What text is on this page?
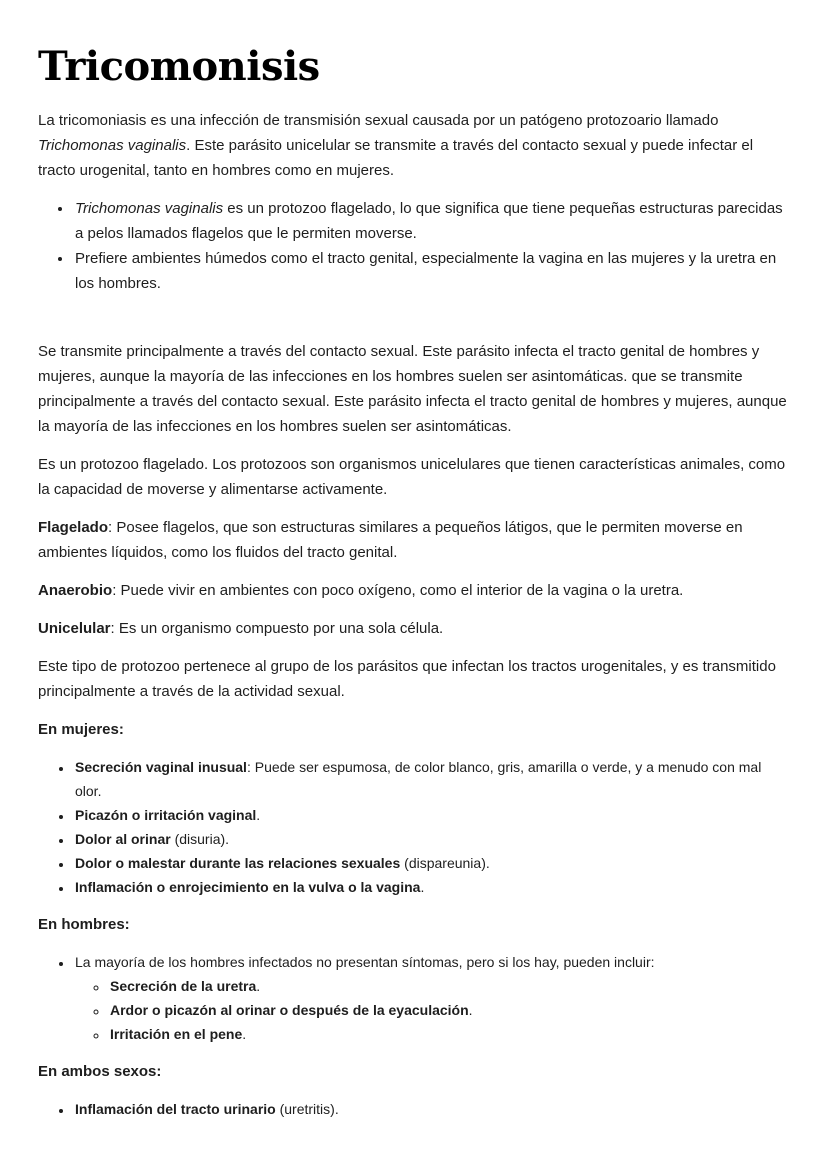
Tricomonisis

La tricomoniasis es una infección de transmisión sexual causada por un patógeno protozoario llamado Trichomonas vaginalis. Este parásito unicelular se transmite a través del contacto sexual y puede infectar el tracto urogenital, tanto en hombres como en mujeres.

• Trichomonas vaginalis es un protozoo flagelado, lo que significa que tiene pequeñas estructuras parecidas a pelos llamados flagelos que le permiten moverse.
• Prefiere ambientes húmedos como el tracto genital, especialmente la vagina en las mujeres y la uretra en los hombres.

Se transmite principalmente a través del contacto sexual. Este parásito infecta el tracto genital de hombres y mujeres, aunque la mayoría de las infecciones en los hombres suelen ser asintomáticas. que se transmite principalmente a través del contacto sexual. Este parásito infecta el tracto genital de hombres y mujeres, aunque la mayoría de las infecciones en los hombres suelen ser asintomáticas.

Es un protozoo flagelado. Los protozoos son organismos unicelulares que tienen características animales, como la capacidad de moverse y alimentarse activamente.

Flagelado: Posee flagelos, que son estructuras similares a pequeños látigos, que le permiten moverse en ambientes líquidos, como los fluidos del tracto genital.

Anaerobio: Puede vivir en ambientes con poco oxígeno, como el interior de la vagina o la uretra.

Unicelular: Es un organismo compuesto por una sola célula.

Este tipo de protozoo pertenece al grupo de los parásitos que infectan los tractos urogenitales, y es transmitido principalmente a través de la actividad sexual.

En mujeres:

• Secreción vaginal inusual: Puede ser espumosa, de color blanco, gris, amarilla o verde, y a menudo con mal olor.
• Picazón o irritación vaginal.
• Dolor al orinar (disuria).
• Dolor o malestar durante las relaciones sexuales (dispareunia).
• Inflamación o enrojecimiento en la vulva o la vagina.

En hombres:

• La mayoría de los hombres infectados no presentan síntomas, pero si los hay, pueden incluir:
◦ Secreción de la uretra.
◦ Ardor o picazón al orinar o después de la eyaculación.
◦ Irritación en el pene.

En ambos sexos:

• Inflamación del tracto urinario (uretritis).
